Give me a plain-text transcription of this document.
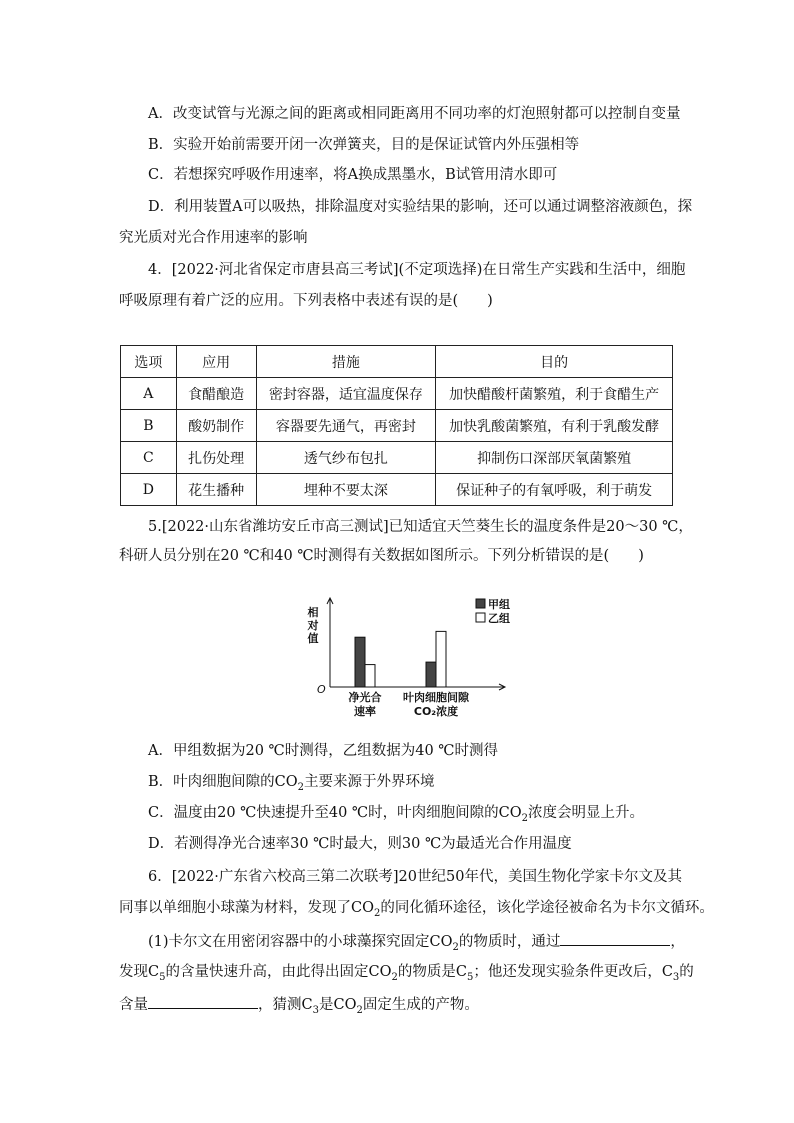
A．改变试管与光源之间的距离或相同距离用不同功率的灯泡照射都可以控制自变量
B．实验开始前需要开闭一次弹簧夹，目的是保证试管内外压强相等
C．若想探究呼吸作用速率，将A换成黑墨水，B试管用清水即可
D．利用装置A可以吸热，排除温度对实验结果的影响，还可以通过调整溶液颜色，探
究光质对光合作用速率的影响
4．[2022·河北省保定市唐县高三考试](不定项选择)在日常生产实践和生活中，细胞
呼吸原理有着广泛的应用。下列表格中表述有误的是(　　)
选项	应用	措施	目的
A	食醋酿造	密封容器，适宜温度保存	加快醋酸杆菌繁殖，利于食醋生产
B	酸奶制作	容器要先通气，再密封	加快乳酸菌繁殖，有利于乳酸发酵
C	扎伤处理	透气纱布包扎	抑制伤口深部厌氧菌繁殖
D	花生播种	埋种不要太深	保证种子的有氧呼吸，利于萌发
5.[2022·山东省潍坊安丘市高三测试]已知适宜天竺葵生长的温度条件是20～30 ℃，
科研人员分别在20 ℃和40 ℃时测得有关数据如图所示。下列分析错误的是(　　)
O
相
对
值
净光合
速率
叶肉细胞间隙
CO₂浓度
甲组
乙组
A．甲组数据为20 ℃时测得，乙组数据为40 ℃时测得
B．叶肉细胞间隙的$CO_2$主要来源于外界环境
C．温度由20 ℃快速提升至40 ℃时，叶肉细胞间隙的$CO_2$浓度会明显上升。
D．若测得净光合速率30 ℃时最大，则30 ℃为最适光合作用温度
6．[2022·广东省六校高三第二次联考]20世纪50年代，美国生物化学家卡尔文及其
同事以单细胞小球藻为材料，发现了$CO_2$的同化循环途径，该化学途径被命名为卡尔文循环。
(1)卡尔文在用密闭容器中的小球藻探究固定$CO_2$的物质时，通过	，
发现$C_5$的含量快速升高，由此得出固定$CO_2$的物质是$C_5$；他还发现实验条件更改后，$C_3$的
含量	，猜测$C_3$是$CO_2$固定生成的产物。
